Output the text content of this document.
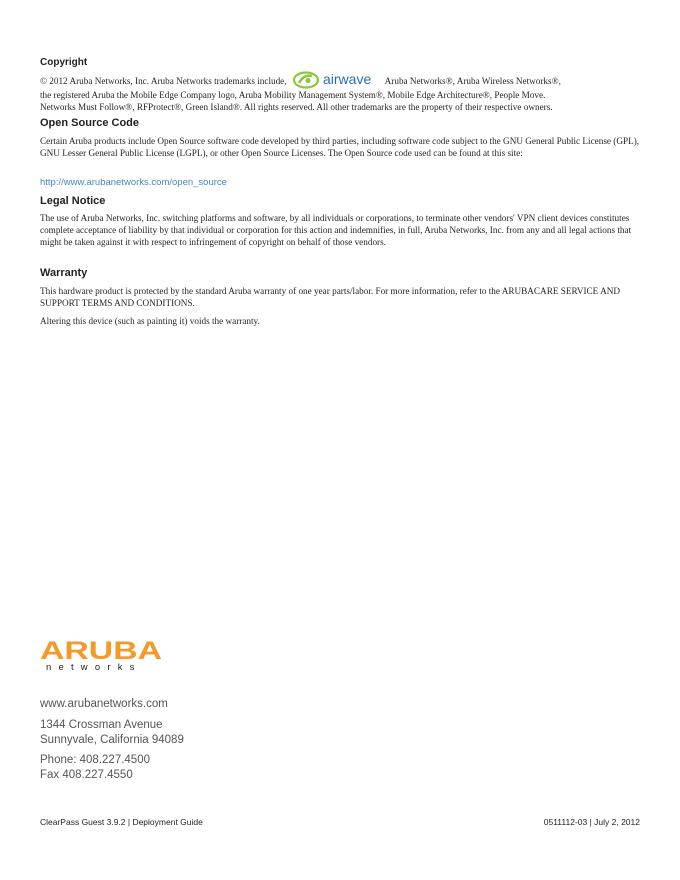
Copyright
© 2012 Aruba Networks, Inc. Aruba Networks trademarks include,	airwave Aruba Networks®, Aruba Wireless Networks®,
the registered Aruba the Mobile Edge Company logo, Aruba Mobility Management System®, Mobile Edge Architecture®, People Move.
Networks Must Follow®, RFProtect®, Green Island®. All rights reserved. All other trademarks are the property of their respective owners.
Open Source Code

Certain Aruba products include Open Source software code developed by third parties, including software code subject to the GNU General Public License (GPL), GNU Lesser General Public License (LGPL), or other Open Source Licenses. The Open Source code used can be found at this site:

http://www.arubanetworks.com/open_source
Legal Notice

The use of Aruba Networks, Inc. switching platforms and software, by all individuals or corporations, to terminate other vendors' VPN client devices constitutes complete acceptance of liability by that individual or corporation for this action and indemnifies, in full, Aruba Networks, Inc. from any and all legal actions that might be taken against it with respect to infringement of copyright on behalf of those vendors.

Warranty

This hardware product is protected by the standard Aruba warranty of one year parts/labor. For more information, refer to the ARUBACARE SERVICE AND SUPPORT TERMS AND CONDITIONS.

Altering this device (such as painting it) voids the warranty.

ARUBA
networks

www.arubanetworks.com

1344 Crossman Avenue

Sunnyvale, California 94089

Phone: 408.227.4500

Fax 408.227.4550

ClearPass Guest 3.9.2 | Deployment Guide	0511112-03 | July 2, 2012
